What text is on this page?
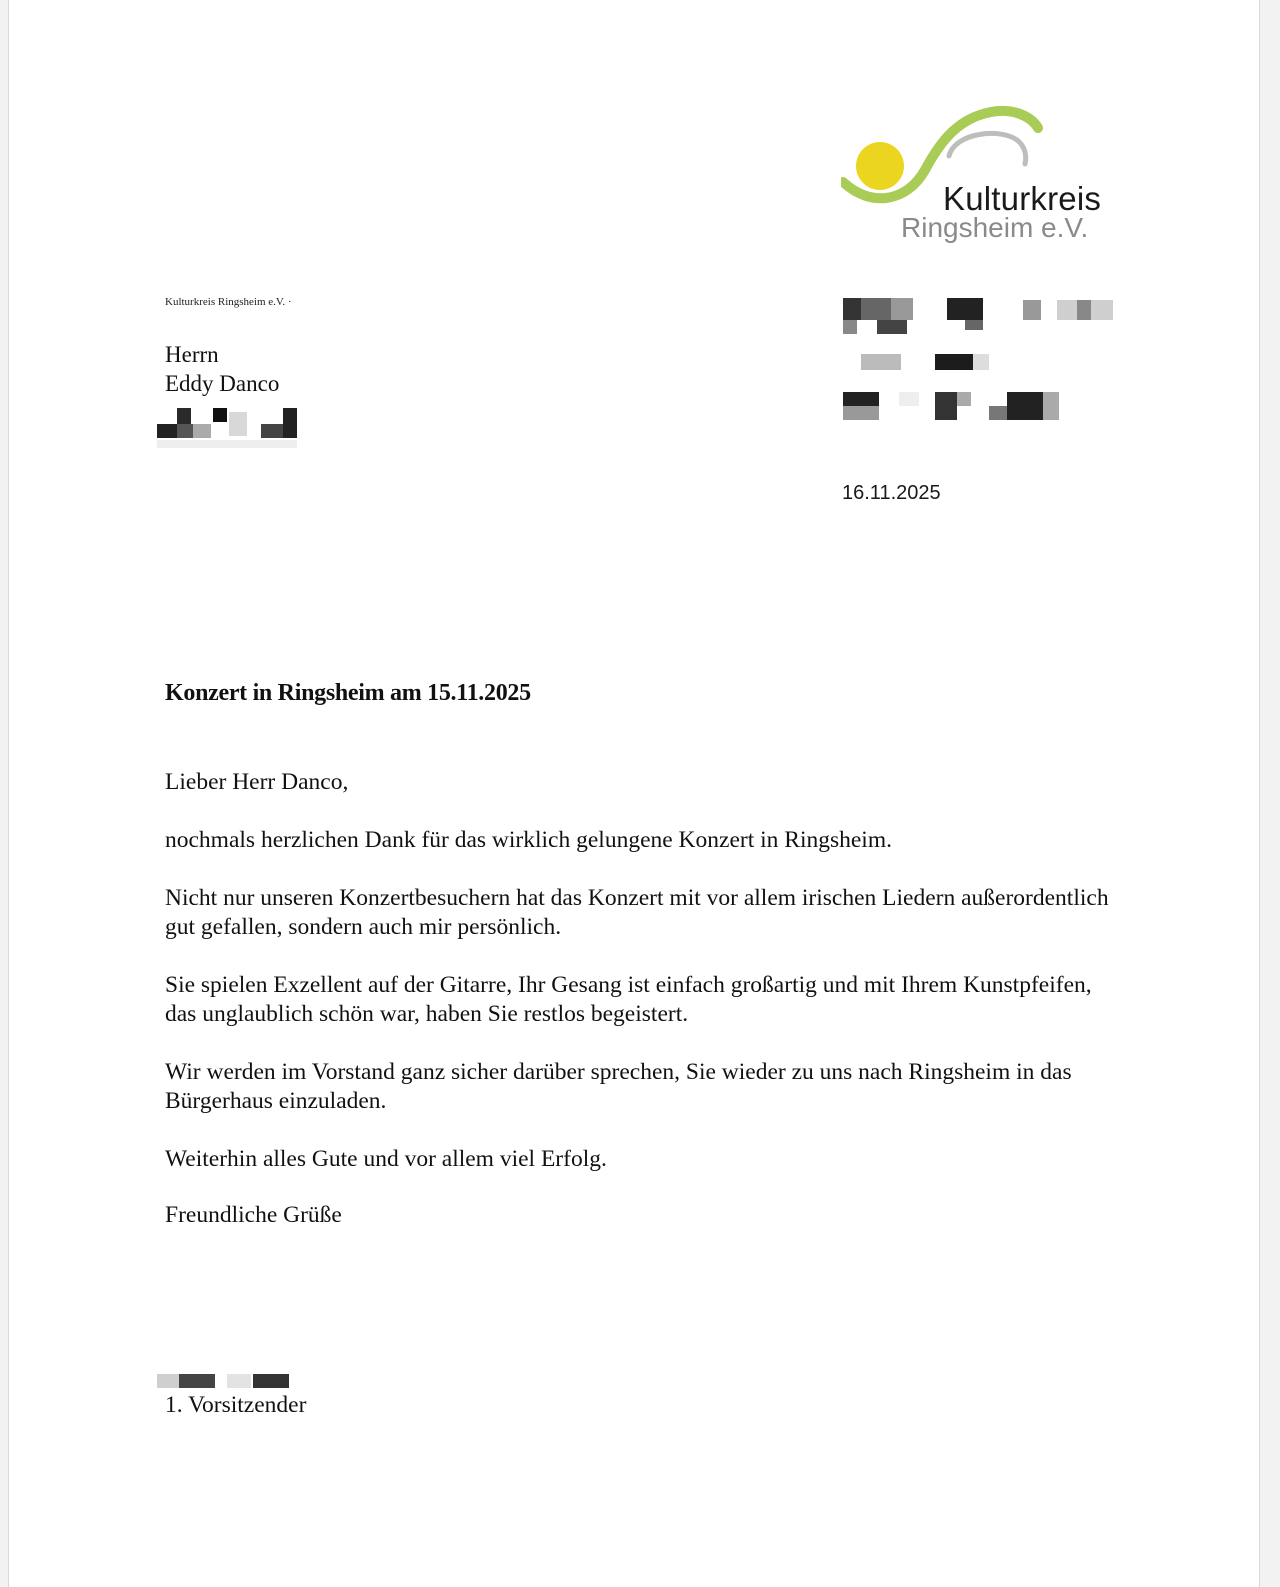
Kulturkreis
Ringsheim e.V.
Kulturkreis Ringsheim e.V. ·
Herrn
Eddy Danco
16.11.2025
Konzert in Ringsheim am 15.11.2025

Lieber Herr Danco,

nochmals herzlichen Dank für das wirklich gelungene Konzert in Ringsheim.

Nicht nur unseren Konzertbesuchern hat das Konzert mit vor allem irischen Liedern außerordentlich gut gefallen, sondern auch mir persönlich.

Sie spielen Exzellent auf der Gitarre, Ihr Gesang ist einfach großartig und mit Ihrem Kunstpfeifen, das unglaublich schön war, haben Sie restlos begeistert.

Wir werden im Vorstand ganz sicher darüber sprechen, Sie wieder zu uns nach Ringsheim in das Bürgerhaus einzuladen.

Weiterhin alles Gute und vor allem viel Erfolg.

Freundliche Grüße
1. Vorsitzender
